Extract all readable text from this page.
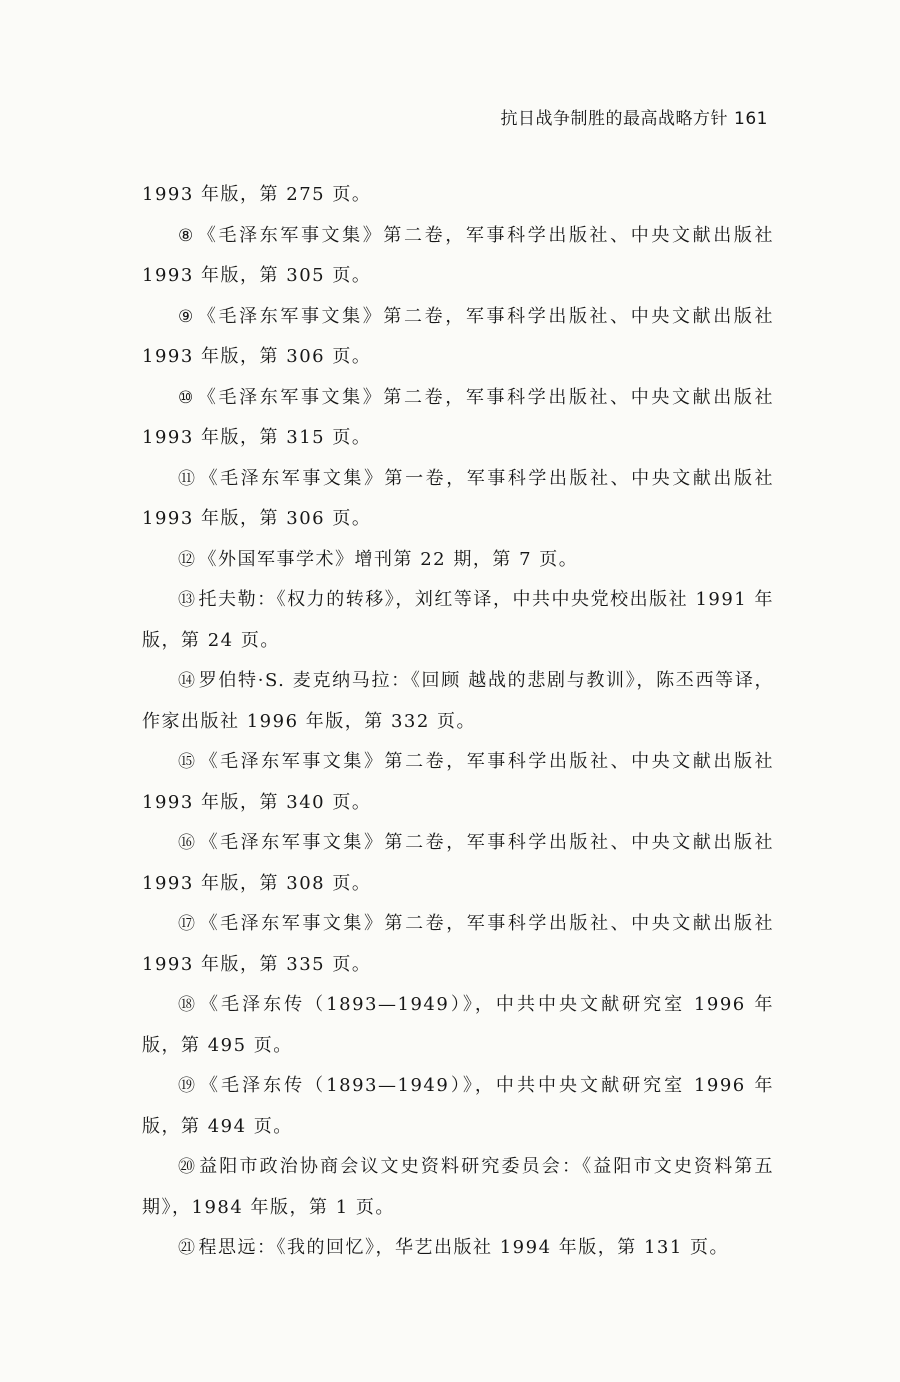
抗日战争制胜的最高战略方针 161

1993 年版，第 275 页。

⑧ 《毛泽东军事文集》第二卷，军事科学出版社、中央文献出版社 1993 年版，第 305 页。

⑨ 《毛泽东军事文集》第二卷，军事科学出版社、中央文献出版社 1993 年版，第 306 页。

⑩ 《毛泽东军事文集》第二卷，军事科学出版社、中央文献出版社 1993 年版，第 315 页。

⑪ 《毛泽东军事文集》第一卷，军事科学出版社、中央文献出版社 1993 年版，第 306 页。

⑫ 《外国军事学术》增刊第 22 期，第 7 页。

⑬ 托夫勒：《权力的转移》，刘红等译，中共中央党校出版社 1991 年版，第 24 页。

⑭ 罗伯特·S. 麦克纳马拉：《回顾 越战的悲剧与教训》，陈丕西等译，作家出版社 1996 年版，第 332 页。

⑮ 《毛泽东军事文集》第二卷，军事科学出版社、中央文献出版社 1993 年版，第 340 页。

⑯ 《毛泽东军事文集》第二卷，军事科学出版社、中央文献出版社 1993 年版，第 308 页。

⑰ 《毛泽东军事文集》第二卷，军事科学出版社、中央文献出版社 1993 年版，第 335 页。

⑱ 《毛泽东传（1893—1949）》，中共中央文献研究室 1996 年版，第 495 页。

⑲ 《毛泽东传（1893—1949）》，中共中央文献研究室 1996 年版，第 494 页。

⑳ 益阳市政治协商会议文史资料研究委员会：《益阳市文史资料第五期》，1984 年版，第 1 页。

㉑ 程思远：《我的回忆》，华艺出版社 1994 年版，第 131 页。
